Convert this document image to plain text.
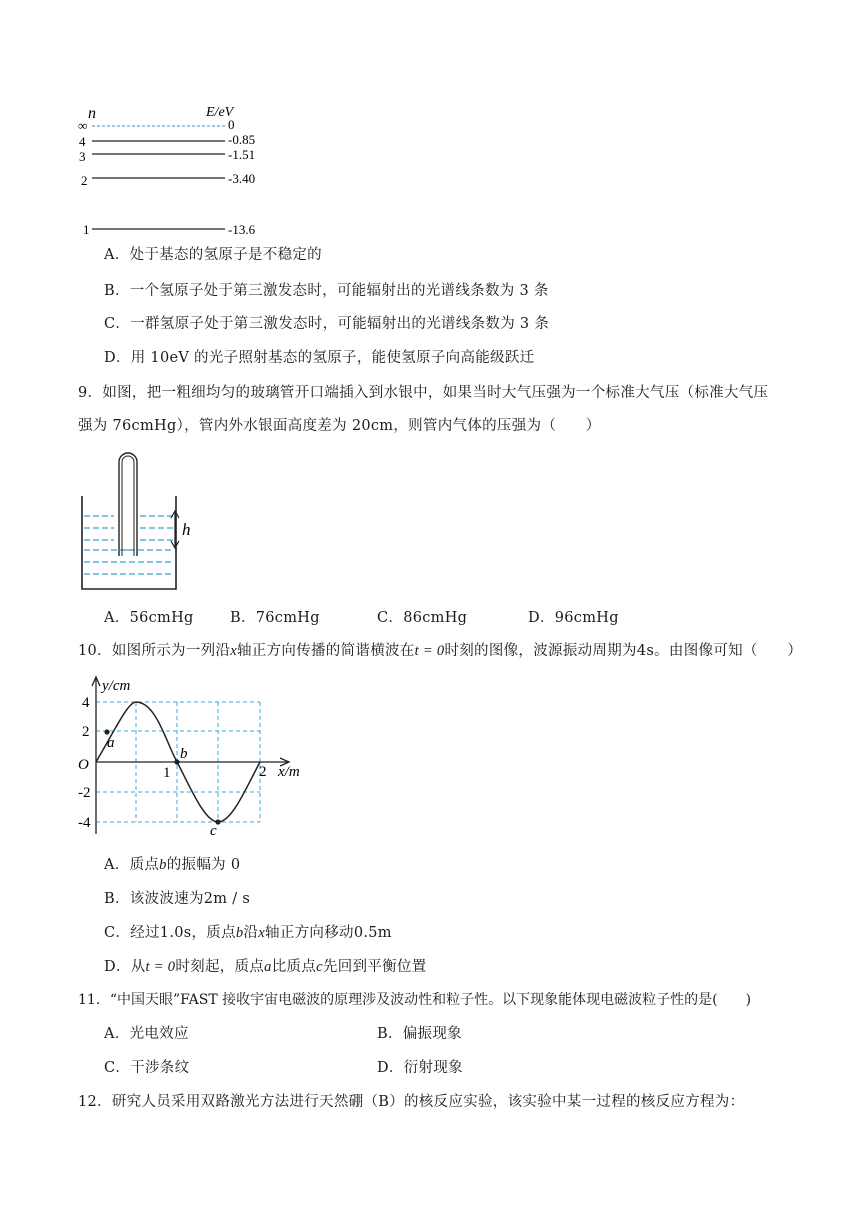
n	E/eV
∞	0
4	-0.85
3	-1.51
2	-3.40
1	-13.6
A．处于基态的氢原子是不稳定的
B．一个氢原子处于第三激发态时，可能辐射出的光谱线条数为 3 条
C．一群氢原子处于第三激发态时，可能辐射出的光谱线条数为 3 条
D．用 10eV 的光子照射基态的氢原子，能使氢原子向高能级跃迁
9．如图，把一粗细均匀的玻璃管开口端插入到水银中，如果当时大气压强为一个标准大气压（标准大气压
强为 76cmHg），管内外水银面高度差为 20cm，则管内气体的压强为（　　）
h
A．56cmHg	B．76cmHg	C．86cmHg	D．96cmHg
10．如图所示为一列沿x轴正方向传播的简谐横波在t = 0时刻的图像，波源振动周期为4s。由图像可知（　　）
y/cm
x/m
O
4
2
-2
-4
1	2
a
b
c
A．质点b的振幅为 0
B．该波波速为2m / s
C．经过1.0s，质点b沿x轴正方向移动0.5m
D．从t = 0时刻起，质点a比质点c先回到平衡位置
11．“中国天眼”FAST 接收宇宙电磁波的原理涉及波动性和粒子性。以下现象能体现电磁波粒子性的是(　　)
A．光电效应	B．偏振现象
C．干涉条纹	D．衍射现象
12．研究人员采用双路激光方法进行天然硼（B）的核反应实验，该实验中某一过程的核反应方程为：
